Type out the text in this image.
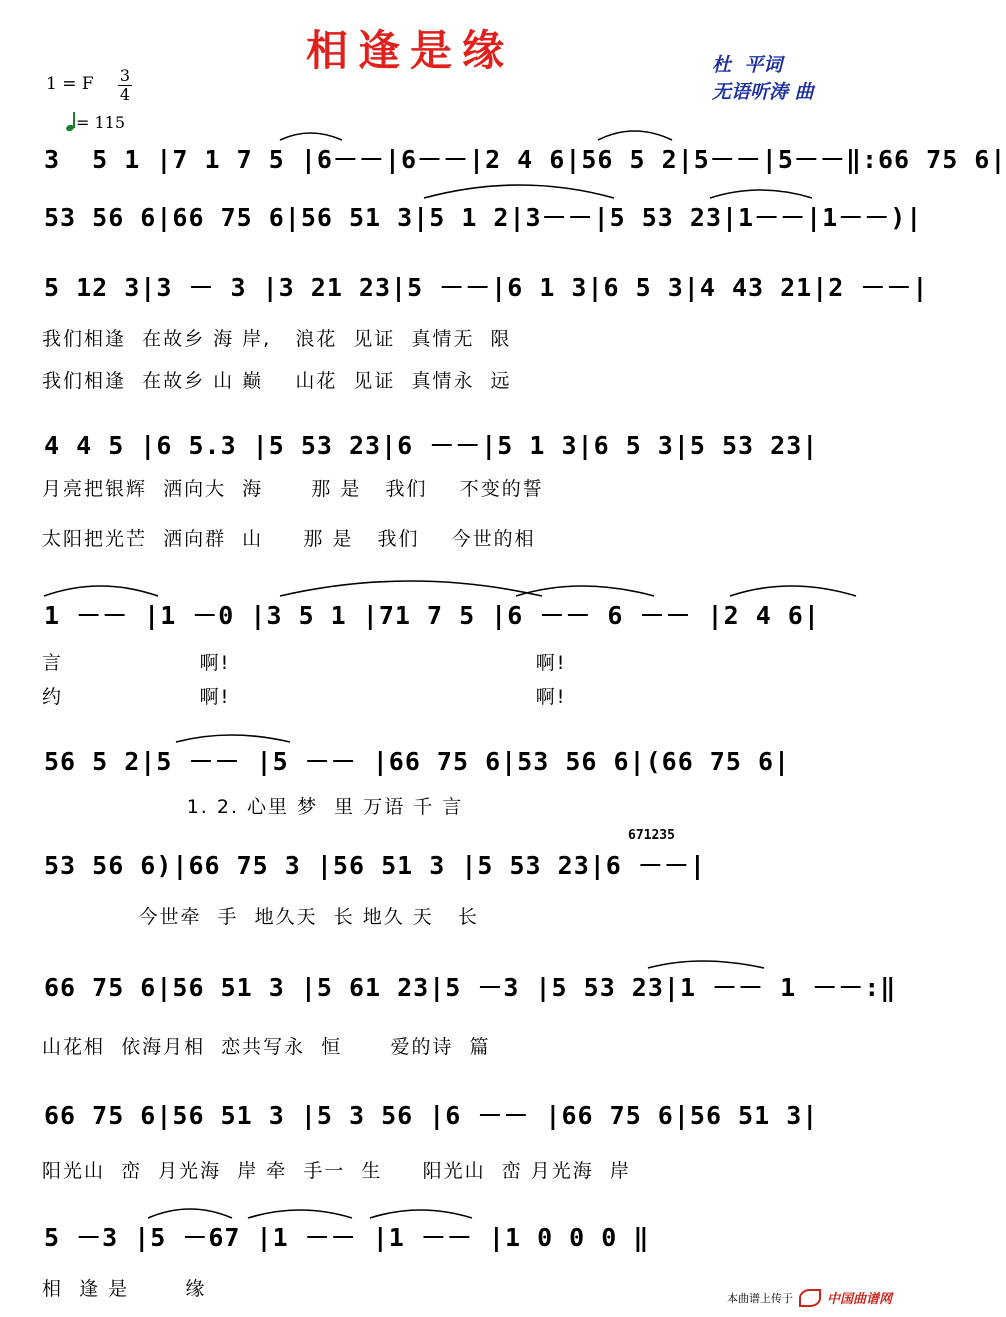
相逢是缘	杜  平词
无语听涛 曲
1 = F 3
4
= 115
3  5 1 |7 1 7 5 |6－－|6－－|2 4 6|56 5 2|5－－|5－－‖:66 75 6|
53 56 6|66 75 6|56 51 3|5 1 2|3－－|5 53 23|1－－|1－－)|
5 12 3|3 － 3 |3 21 23|5 －－|6 1 3|6 5 3|4 43 21|2 －－|
我们相逢  在故乡 海 岸,   浪花  见证  真情无  限
我们相逢  在故乡 山 巅    山花  见证  真情永  远
4 4 5 |6 5.3 |5 53 23|6 －－|5 1 3|6 5 3|5 53 23|
月亮把银辉  洒向大  海      那 是   我们    不变的誓
太阳把光芒  洒向群  山     那 是   我们    今世的相
1 －－ |1 －0 |3 5 1 |71 7 5 |6 －－ 6 －－ |2 4 6|
言                 啊!                                      啊!
约                 啊!                                      啊!
56 5 2|5 －－ |5 －－ |66 75 6|53 56 6|(66 75 6|
1. 2. 心里 梦  里 万语 千 言
671235
53 56 6)|66 75 3 |56 51 3 |5 53 23|6 －－|
今世牵  手  地久天  长 地久 天   长
66 75 6|56 51 3 |5 61 23|5 －3 |5 53 23|1 －－ 1 －－:‖
山花相  依海月相  恋共写永  恒      爱的诗  篇
66 75 6|56 51 3 |5 3 56 |6 －－ |66 75 6|56 51 3|
阳光山  峦  月光海  岸 牵  手一  生     阳光山  峦 月光海  岸
5 －3 |5 －67 |1 －－ |1 －－ |1 0 0 0 ‖
相  逢 是       缘	本曲谱上传于	中国曲谱网
